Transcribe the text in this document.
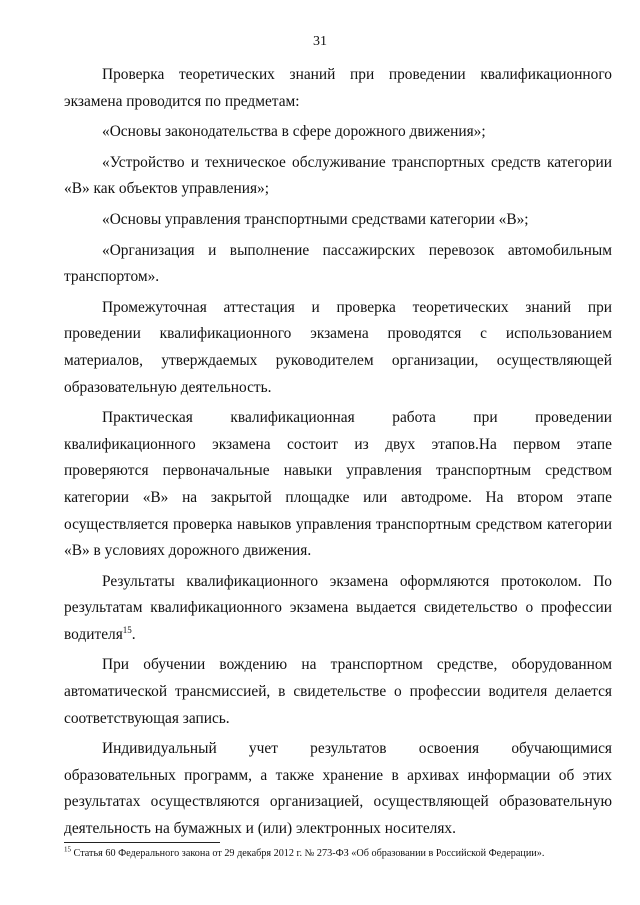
31

Проверка теоретических знаний при проведении квалификационного экзамена проводится по предметам:

«Основы законодательства в сфере дорожного движения»;

«Устройство и техническое обслуживание транспортных средств категории «B» как объектов управления»;

«Основы управления транспортными средствами категории «B»;

«Организация и выполнение пассажирских перевозок автомобильным транспортом».

Промежуточная аттестация и проверка теоретических знаний при проведении квалификационного экзамена проводятся с использованием материалов, утверждаемых руководителем организации, осуществляющей образовательную деятельность.

Практическая квалификационная работа при проведении квалификационного экзамена состоит из двух этапов.На первом этапе проверяются первоначальные навыки управления транспортным средством категории «B» на закрытой площадке или автодроме. На втором этапе осуществляется проверка навыков управления транспортным средством категории «B» в условиях дорожного движения.

Результаты квалификационного экзамена оформляются протоколом. По результатам квалификационного экзамена выдается свидетельство о профессии водителя$^{15}$.

При обучении вождению на транспортном средстве, оборудованном автоматической трансмиссией, в свидетельстве о профессии водителя делается соответствующая запись.

Индивидуальный учет результатов освоения обучающимися образовательных программ, а также хранение в архивах информации об этих результатах осуществляются организацией, осуществляющей образовательную деятельность на бумажных и (или) электронных носителях.

$^{15}$ Статья 60 Федерального закона от 29 декабря 2012 г. № 273-ФЗ «Об образовании в Российской Федерации».
